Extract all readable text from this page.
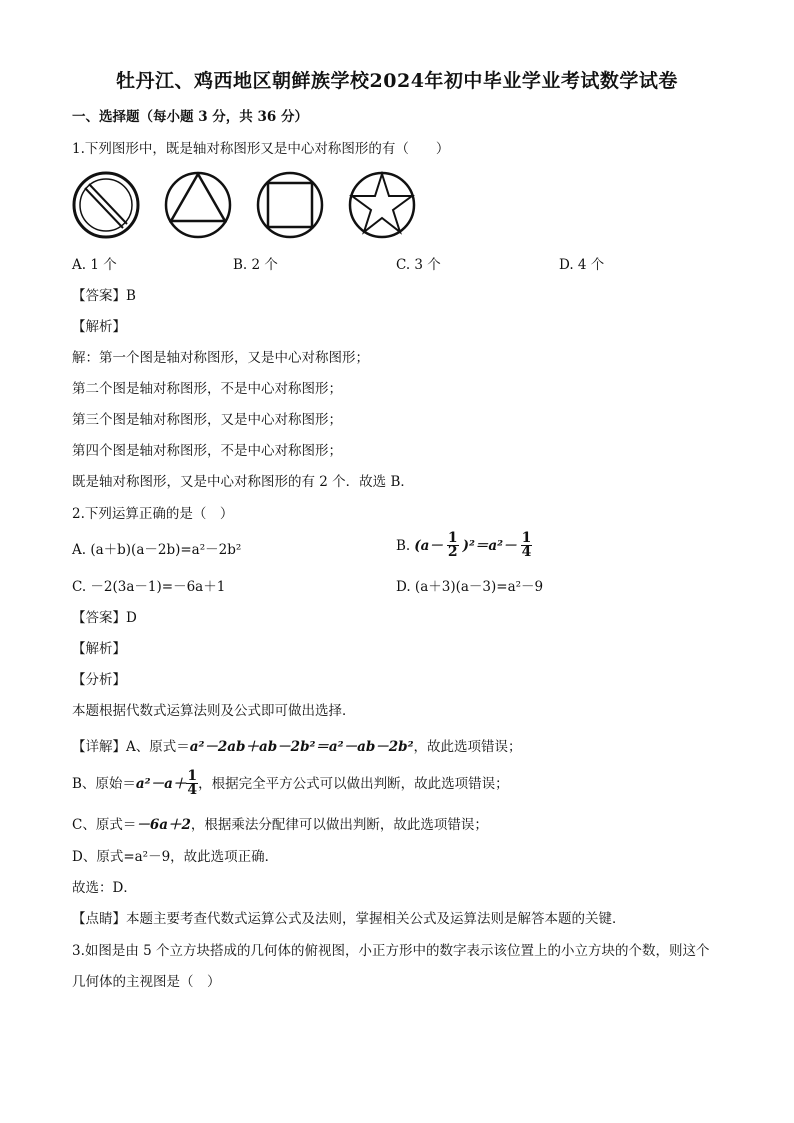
牡丹江、鸡西地区朝鲜族学校2024年初中毕业学业考试数学试卷
一、选择题（每小题 3 分，共 36 分）
1.下列图形中，既是轴对称图形又是中心对称图形的有（　　）
A. 1 个	B. 2 个	C. 3 个	D. 4 个
【答案】B
【解析】
解：第一个图是轴对称图形，又是中心对称图形；
第二个图是轴对称图形，不是中心对称图形；
第三个图是轴对称图形，又是中心对称图形；
第四个图是轴对称图形，不是中心对称图形；
既是轴对称图形，又是中心对称图形的有 2 个．故选 B．
2.下列运算正确的是（　）
A. (a＋b)(a－2b)=a²－2b²	B. $(a- \frac{1}{2} )^2=a^2- \frac{1}{4}$
C. －2(3a－1)=－6a＋1	D. (a＋3)(a－3)=a²－9
【答案】D
【解析】
【分析】
本题根据代数式运算法则及公式即可做出选择．
【详解】A、原式＝a²－2ab＋ab－2b²＝a²－ab－2b²，故此选项错误；
B、原始＝ $a^2-a+ \frac{1}{4}$ ，根据完全平方公式可以做出判断，故此选项错误；
C、原式＝－6a＋2，根据乘法分配律可以做出判断，故此选项错误；
D、原式=a²－9，故此选项正确．
故选：D．
【点睛】本题主要考查代数式运算公式及法则，掌握相关公式及运算法则是解答本题的关键．
3.如图是由 5 个立方块搭成的几何体的俯视图，小正方形中的数字表示该位置上的小立方块的个数，则这个
几何体的主视图是（　）
